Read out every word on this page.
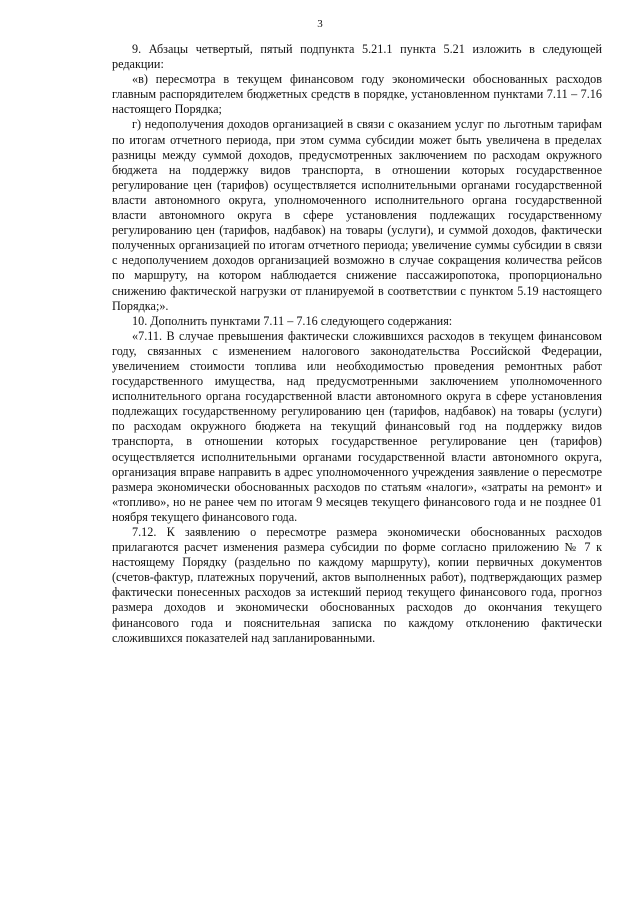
3

9. Абзацы четвертый, пятый подпункта 5.21.1 пункта 5.21 изложить в следующей редакции:

«в) пересмотра в текущем финансовом году экономически обоснованных расходов главным распорядителем бюджетных средств в порядке, установленном пунктами 7.11 – 7.16 настоящего Порядка;

г) недополучения доходов организацией в связи с оказанием услуг по льготным тарифам по итогам отчетного периода, при этом сумма субсидии может быть увеличена в пределах разницы между суммой доходов, предусмотренных заключением по расходам окружного бюджета на поддержку видов транспорта, в отношении которых государственное регулирование цен (тарифов) осуществляется исполнительными органами государственной власти автономного округа, уполномоченного исполнительного органа государственной власти автономного округа в сфере установления подлежащих государственному регулированию цен (тарифов, надбавок) на товары (услуги), и суммой доходов, фактически полученных организацией по итогам отчетного периода; увеличение суммы субсидии в связи с недополучением доходов организацией возможно в случае сокращения количества рейсов по маршруту, на котором наблюдается снижение пассажиропотока, пропорционально снижению фактической нагрузки от планируемой в соответствии с пунктом 5.19 настоящего Порядка;».

10. Дополнить пунктами 7.11 – 7.16 следующего содержания:

«7.11. В случае превышения фактически сложившихся расходов в текущем финансовом году, связанных с изменением налогового законодательства Российской Федерации, увеличением стоимости топлива или необходимостью проведения ремонтных работ государственного имущества, над предусмотренными заключением уполномоченного исполнительного органа государственной власти автономного округа в сфере установления подлежащих государственному регулированию цен (тарифов, надбавок) на товары (услуги) по расходам окружного бюджета на текущий финансовый год на поддержку видов транспорта, в отношении которых государственное регулирование цен (тарифов) осуществляется исполнительными органами государственной власти автономного округа, организация вправе направить в адрес уполномоченного учреждения заявление о пересмотре размера экономически обоснованных расходов по статьям «налоги», «затраты на ремонт» и «топливо», но не ранее чем по итогам 9 месяцев текущего финансового года и не позднее 01 ноября текущего финансового года.

7.12. К заявлению о пересмотре размера экономически обоснованных расходов прилагаются расчет изменения размера субсидии по форме согласно приложению № 7 к настоящему Порядку (раздельно по каждому маршруту), копии первичных документов (счетов-фактур, платежных поручений, актов выполненных работ), подтверждающих размер фактически понесенных расходов за истекший период текущего финансового года, прогноз размера доходов и экономически обоснованных расходов до окончания текущего финансового года и пояснительная записка по каждому отклонению фактически сложившихся показателей над запланированными.
